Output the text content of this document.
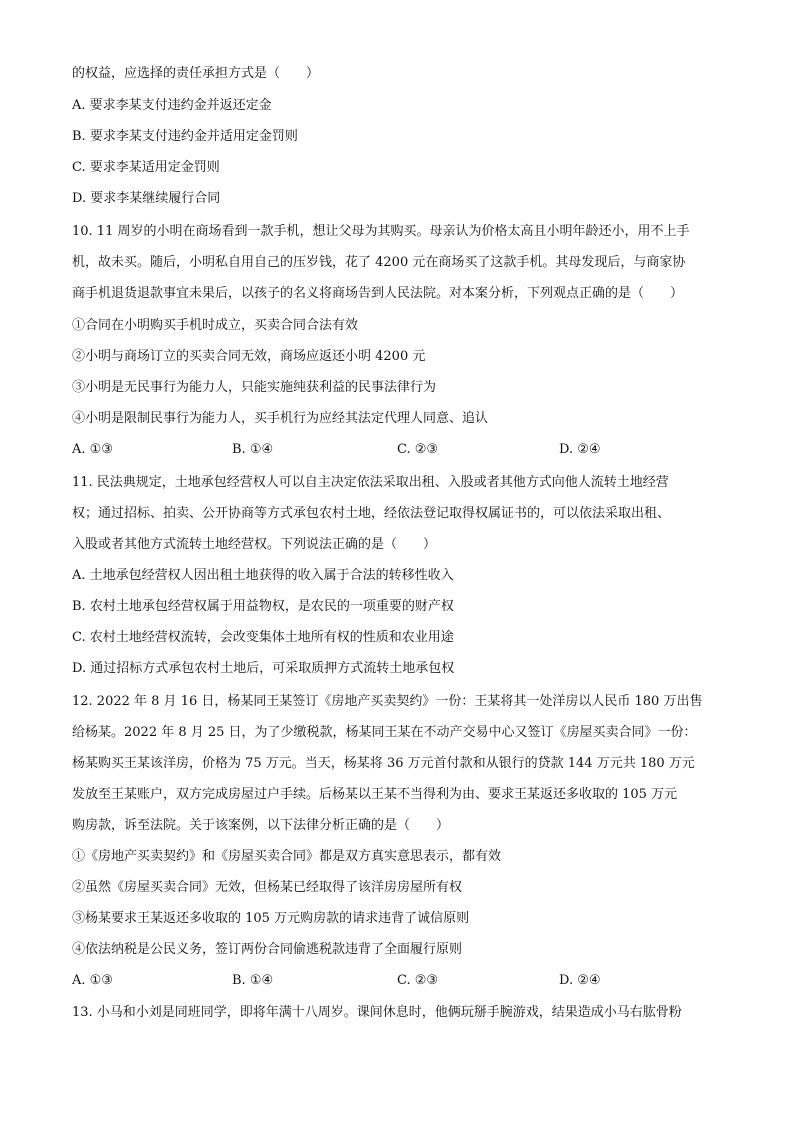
的权益，应选择的责任承担方式是（　　）
A. 要求李某支付违约金并返还定金
B. 要求李某支付违约金并适用定金罚则
C. 要求李某适用定金罚则
D. 要求李某继续履行合同
10. 11 周岁的小明在商场看到一款手机，想让父母为其购买。母亲认为价格太高且小明年龄还小，用不上手
机，故未买。随后，小明私自用自己的压岁钱，花了 4200 元在商场买了这款手机。其母发现后，与商家协
商手机退货退款事宜未果后，以孩子的名义将商场告到人民法院。对本案分析，下列观点正确的是（　　）
①合同在小明购买手机时成立，买卖合同合法有效
②小明与商场订立的买卖合同无效，商场应返还小明 4200 元
③小明是无民事行为能力人，只能实施纯获利益的民事法律行为
④小明是限制民事行为能力人，买手机行为应经其法定代理人同意、追认
A. ①③	B. ①④	C. ②③	D. ②④
11. 民法典规定，土地承包经营权人可以自主决定依法采取出租、入股或者其他方式向他人流转土地经营
权；通过招标、拍卖、公开协商等方式承包农村土地，经依法登记取得权属证书的，可以依法采取出租、
入股或者其他方式流转土地经营权。下列说法正确的是（　　）
A. 土地承包经营权人因出租土地获得的收入属于合法的转移性收入
B. 农村土地承包经营权属于用益物权，是农民的一项重要的财产权
C. 农村土地经营权流转，会改变集体土地所有权的性质和农业用途
D. 通过招标方式承包农村土地后，可采取质押方式流转土地承包权
12. 2022 年 8 月 16 日，杨某同王某签订《房地产买卖契约》一份：王某将其一处洋房以人民币 180 万出售
给杨某。2022 年 8 月 25 日，为了少缴税款，杨某同王某在不动产交易中心又签订《房屋买卖合同》一份：
杨某购买王某该洋房，价格为 75 万元。当天，杨某将 36 万元首付款和从银行的贷款 144 万元共 180 万元
发放至王某账户，双方完成房屋过户手续。后杨某以王某不当得利为由、要求王某返还多收取的 105 万元
购房款，诉至法院。关于该案例，以下法律分析正确的是（　　）
①《房地产买卖契约》和《房屋买卖合同》都是双方真实意思表示，都有效
②虽然《房屋买卖合同》无效，但杨某已经取得了该洋房房屋所有权
③杨某要求王某返还多收取的 105 万元购房款的请求违背了诚信原则
④依法纳税是公民义务，签订两份合同偷逃税款违背了全面履行原则
A. ①③	B. ①④	C. ②③	D. ②④
13. 小马和小刘是同班同学，即将年满十八周岁。课间休息时，他俩玩掰手腕游戏，结果造成小马右肱骨粉
